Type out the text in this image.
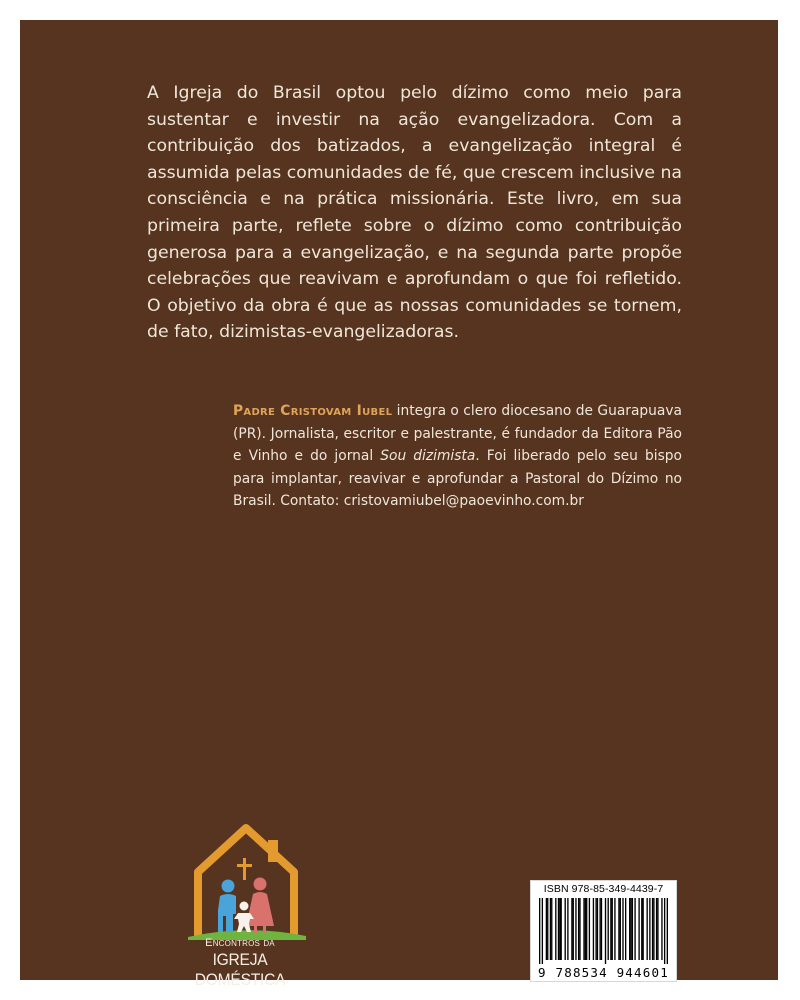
A Igreja do Brasil optou pelo dízimo como meio para sustentar e investir na ação evangelizadora. Com a contribuição dos batizados, a evangelização integral é assumida pelas comunidades de fé, que crescem inclusive na consciência e na prática missionária. Este livro, em sua primeira parte, reflete sobre o dízimo como contribuição generosa para a evangelização, e na segunda parte propõe celebrações que reavivam e aprofundam o que foi refletido. O objetivo da obra é que as nossas comunidades se tornem, de fato, dizimistas-evangelizadoras.
Padre Cristovam Iubel integra o clero diocesano de Guarapuava (PR). Jornalista, escritor e palestrante, é fundador da Editora Pão e Vinho e do jornal Sou dizimista. Foi liberado pelo seu bispo para implantar, reavivar e aprofundar a Pastoral do Dízimo no Brasil. Contato: cristovamiubel@paoevinho.com.br
Encontros da
IGREJA DOMÉSTICA
ISBN 978-85-349-4439-7
9 788534 944601
